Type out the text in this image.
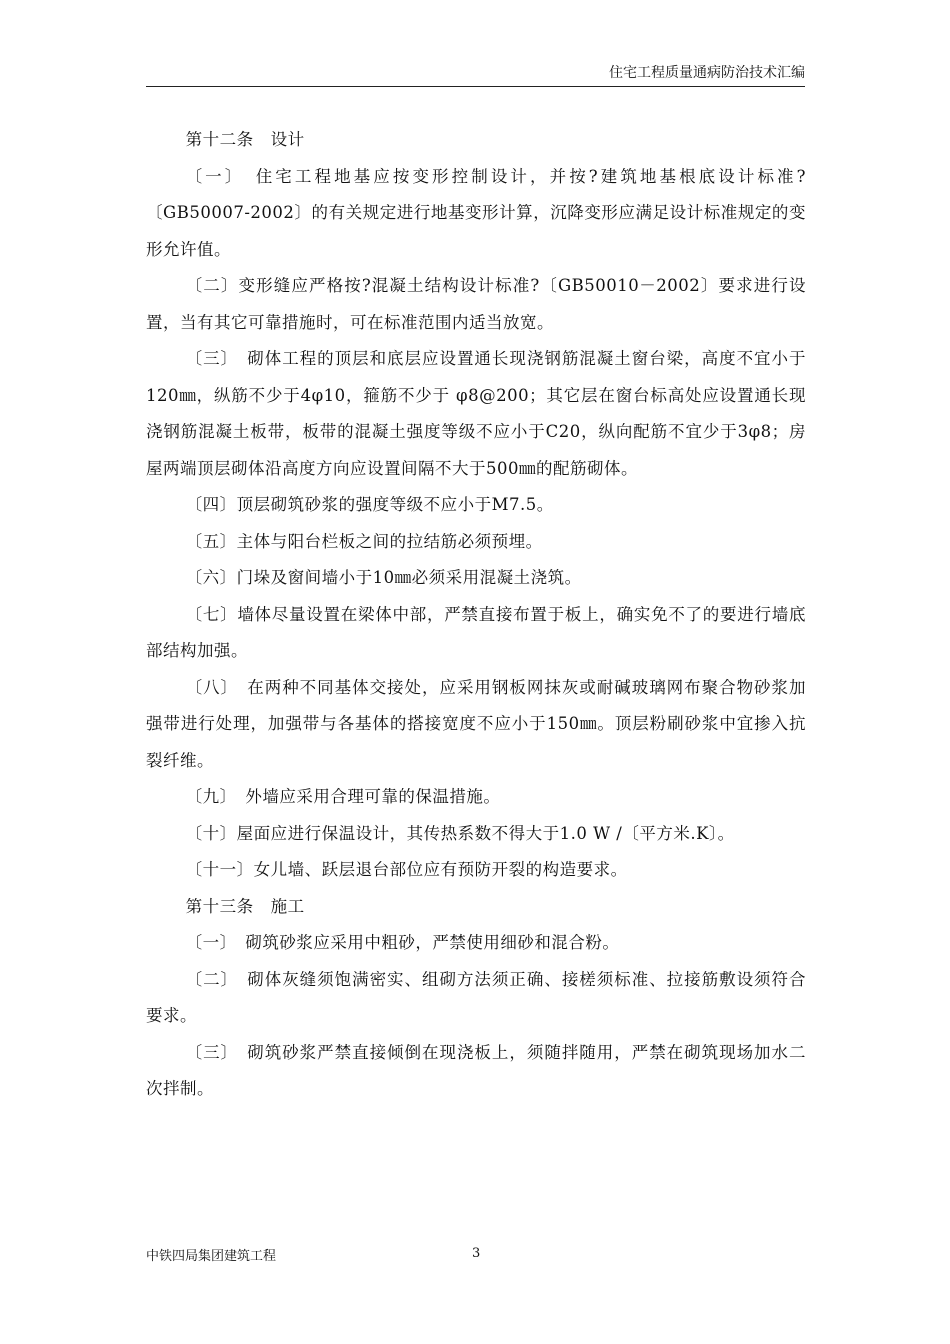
住宅工程质量通病防治技术汇编

第十二条　设计

〔一〕　住宅工程地基应按变形控制设计，并按?建筑地基根底设计标准?〔GB50007-2002〕的有关规定进行地基变形计算，沉降变形应满足设计标准规定的变形允许值。

〔二〕变形缝应严格按?混凝土结构设计标准?〔GB50010－2002〕要求进行设置，当有其它可靠措施时，可在标准范围内适当放宽。

〔三〕　砌体工程的顶层和底层应设置通长现浇钢筋混凝土窗台梁，高度不宜小于120㎜，纵筋不少于4φ10，箍筋不少于 φ8@200；其它层在窗台标高处应设置通长现浇钢筋混凝土板带，板带的混凝土强度等级不应小于C20，纵向配筋不宜少于3φ8；房屋两端顶层砌体沿高度方向应设置间隔不大于500㎜的配筋砌体。

〔四〕顶层砌筑砂浆的强度等级不应小于M7.5。

〔五〕主体与阳台栏板之间的拉结筋必须预埋。

〔六〕门垛及窗间墙小于10㎜必须采用混凝土浇筑。

〔七〕墙体尽量设置在梁体中部，严禁直接布置于板上，确实免不了的要进行墙底部结构加强。

〔八〕　在两种不同基体交接处，应采用钢板网抹灰或耐碱玻璃网布聚合物砂浆加强带进行处理，加强带与各基体的搭接宽度不应小于150㎜。顶层粉刷砂浆中宜掺入抗裂纤维。

〔九〕　外墙应采用合理可靠的保温措施。

〔十〕屋面应进行保温设计，其传热系数不得大于1.0 W /〔平方米.K〕。

〔十一〕女儿墙、跃层退台部位应有预防开裂的构造要求。

第十三条　施工

〔一〕　砌筑砂浆应采用中粗砂，严禁使用细砂和混合粉。

〔二〕　砌体灰缝须饱满密实、组砌方法须正确、接槎须标准、拉接筋敷设须符合要求。

〔三〕　砌筑砂浆严禁直接倾倒在现浇板上，须随拌随用，严禁在砌筑现场加水二次拌制。

中铁四局集团建筑工程	3
